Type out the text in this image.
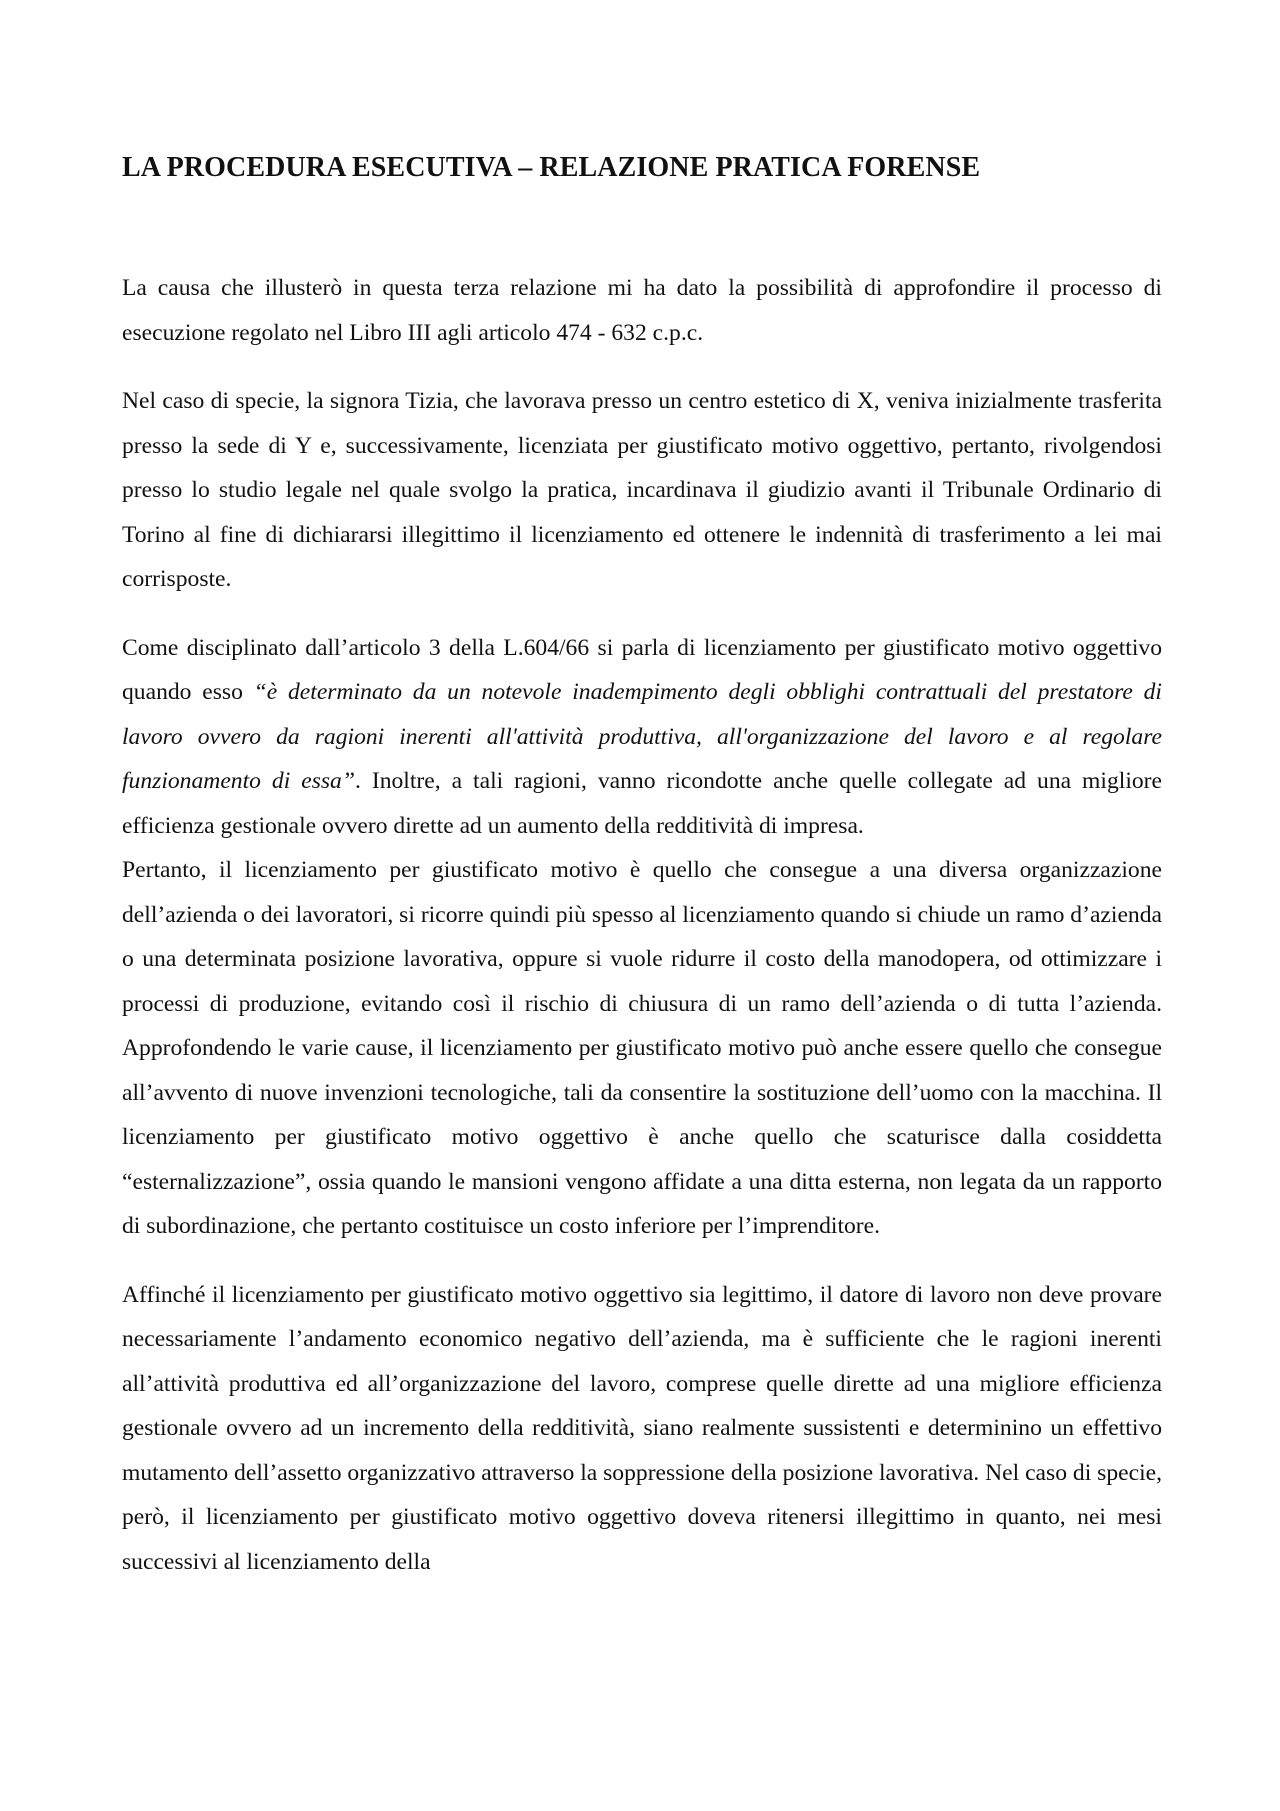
LA PROCEDURA ESECUTIVA – RELAZIONE PRATICA FORENSE

La causa che illusterò in questa terza relazione mi ha dato la possibilità di approfondire il processo di esecuzione regolato nel Libro III agli articolo 474 - 632 c.p.c.

Nel caso di specie, la signora Tizia, che lavorava presso un centro estetico di X, veniva inizialmente trasferita presso la sede di Y e, successivamente, licenziata per giustificato motivo oggettivo, pertanto, rivolgendosi presso lo studio legale nel quale svolgo la pratica, incardinava il giudizio avanti il Tribunale Ordinario di Torino al fine di dichiararsi illegittimo il licenziamento ed ottenere le indennità di trasferimento a lei mai corrisposte.

Come disciplinato dall’articolo 3 della L.604/66 si parla di licenziamento per giustificato motivo oggettivo quando esso “è determinato da un notevole inadempimento degli obblighi contrattuali del prestatore di lavoro ovvero da ragioni inerenti all'attività produttiva, all'organizzazione del lavoro e al regolare funzionamento di essa”. Inoltre, a tali ragioni, vanno ricondotte anche quelle collegate ad una migliore efficienza gestionale ovvero dirette ad un aumento della redditività di impresa.

Pertanto, il licenziamento per giustificato motivo è quello che consegue a una diversa organizzazione dell’azienda o dei lavoratori, si ricorre quindi più spesso al licenziamento quando si chiude un ramo d’azienda o una determinata posizione lavorativa, oppure si vuole ridurre il costo della manodopera, od ottimizzare i processi di produzione, evitando così il rischio di chiusura di un ramo dell’azienda o di tutta l’azienda. Approfondendo le varie cause, il licenziamento per giustificato motivo può anche essere quello che consegue all’avvento di nuove invenzioni tecnologiche, tali da consentire la sostituzione dell’uomo con la macchina. Il licenziamento per giustificato motivo oggettivo è anche quello che scaturisce dalla cosiddetta “esternalizzazione”, ossia quando le mansioni vengono affidate a una ditta esterna, non legata da un rapporto di subordinazione, che pertanto costituisce un costo inferiore per l’imprenditore.

Affinché il licenziamento per giustificato motivo oggettivo sia legittimo, il datore di lavoro non deve provare necessariamente l’andamento economico negativo dell’azienda, ma è sufficiente che le ragioni inerenti all’attività produttiva ed all’organizzazione del lavoro, comprese quelle dirette ad una migliore efficienza gestionale ovvero ad un incremento della redditività, siano realmente sussistenti e determinino un effettivo mutamento dell’assetto organizzativo attraverso la soppressione della posizione lavorativa. Nel caso di specie, però, il licenziamento per giustificato motivo oggettivo doveva ritenersi illegittimo in quanto, nei mesi successivi al licenziamento della
